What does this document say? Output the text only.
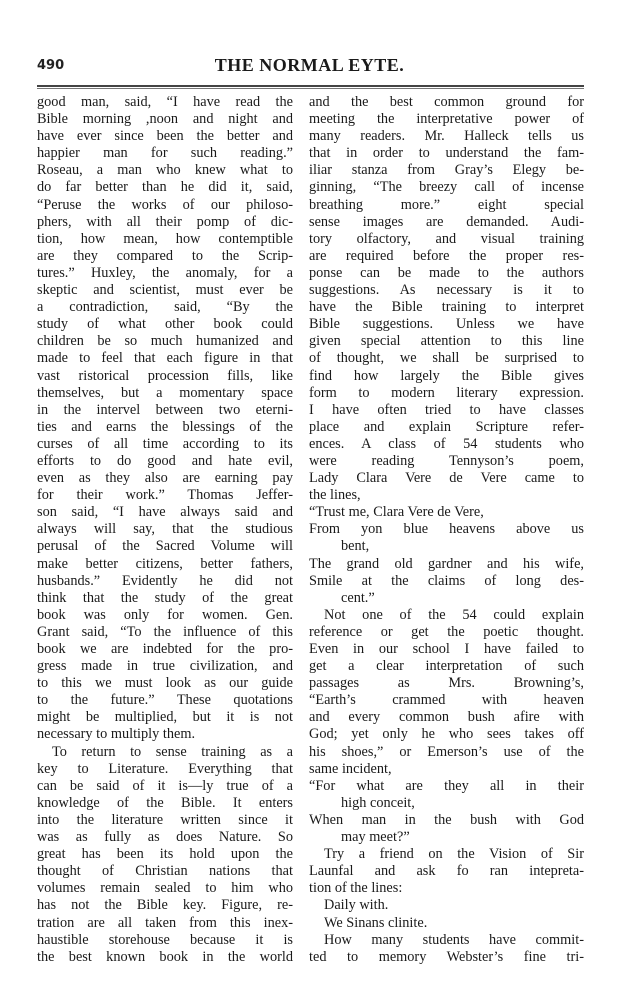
490	THE NORMAL EYTE.
good man, said, “I have read the
Bible morning ,noon and night and
have ever since been the better and
happier man for such reading.”
Roseau, a man who knew what to
do far better than he did it, said,
“Peruse the works of our philoso-
phers, with all their pomp of dic-
tion, how mean, how contemptible
are they compared to the Scrip-
tures.” Huxley, the anomaly, for a
skeptic and scientist, must ever be
a contradiction, said, “By the
study of what other book could
children be so much humanized and
made to feel that each figure in that
vast ristorical procession fills, like
themselves, but a momentary space
in the intervel between two eterni-
ties and earns the blessings of the
curses of all time according to its
efforts to do good and hate evil,
even as they also are earning pay
for their work.” Thomas Jeffer-
son said, “I have always said and
always will say, that the studious
perusal of the Sacred Volume will
make better citizens, better fathers,
husbands.” Evidently he did not
think that the study of the great
book was only for women. Gen.
Grant said, “To the influence of this
book we are indebted for the pro-
gress made in true civilization, and
to this we must look as our guide
to the future.” These quotations
might be multiplied, but it is not
necessary to multiply them.
To return to sense training as a
key to Literature. Everything that
can be said of it is—ly true of a
knowledge of the Bible. It enters
into the literature written since it
was as fully as does Nature. So
great has been its hold upon the
thought of Christian nations that
volumes remain sealed to him who
has not the Bible key. Figure, re-
tration are all taken from this inex-
haustible storehouse because it is
the best known book in the world
and the best common ground for
meeting the interpretative power of
many readers. Mr. Halleck tells us
that in order to understand the fam-
iliar stanza from Gray’s Elegy be-
ginning, “The breezy call of incense
breathing more.” eight special
sense images are demanded. Audi-
tory olfactory, and visual training
are required before the proper res-
ponse can be made to the authors
suggestions. As necessary is it to
have the Bible training to interpret
Bible suggestions. Unless we have
given special attention to this line
of thought, we shall be surprised to
find how largely the Bible gives
form to modern literary expression.
I have often tried to have classes
place and explain Scripture refer-
ences. A class of 54 students who
were reading Tennyson’s poem,
Lady Clara Vere de Vere came to
the lines,
“Trust me, Clara Vere de Vere,
From yon blue heavens above us
bent,
The grand old gardner and his wife,
Smile at the claims of long des-
cent.”
Not one of the 54 could explain
reference or get the poetic thought.
Even in our school I have failed to
get a clear interpretation of such
passages as Mrs. Browning’s,
“Earth’s crammed with heaven
and every common bush afire with
God; yet only he who sees takes off
his shoes,” or Emerson’s use of the
same incident,
“For what are they all in their
high conceit,
When man in the bush with God
may meet?”
Try a friend on the Vision of Sir
Launfal and ask fo ran intepreta-
tion of the lines:
Daily with.
We Sinans clinite.
How many students have commit-
ted to memory Webster’s fine tri-
